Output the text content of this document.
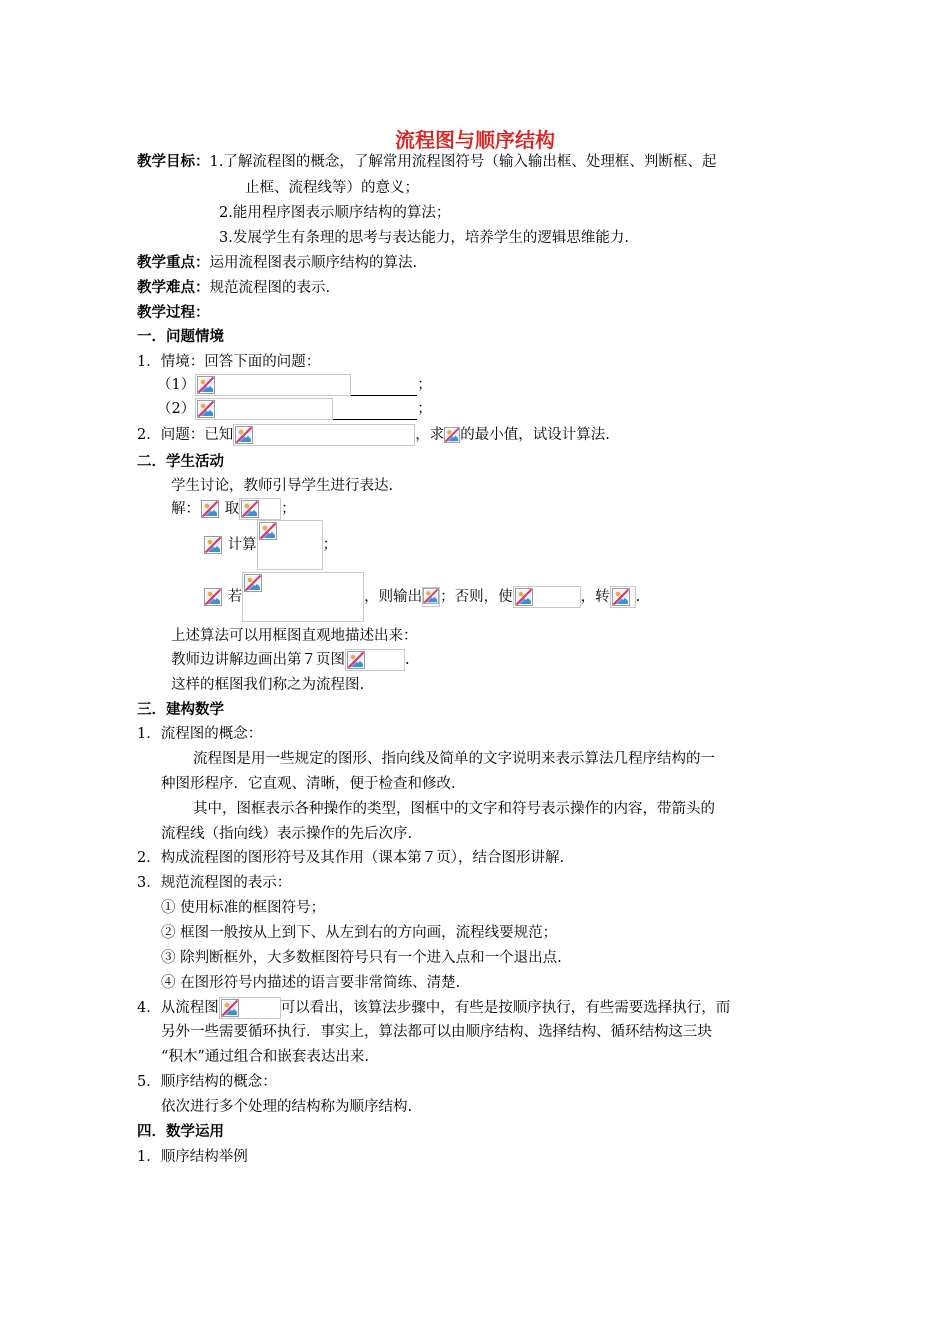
流程图与顺序结构
教学目标：1.了解流程图的概念，了解常用流程图符号（输入输出框、处理框、判断框、起
止框、流程线等）的意义；
2.能用程序图表示顺序结构的算法；
3.发展学生有条理的思考与表达能力，培养学生的逻辑思维能力.
教学重点：运用流程图表示顺序结构的算法.
教学难点：规范流程图的表示.
教学过程：
一．问题情境
1．情境：回答下面的问题：
（1）	；
（2）	；
2．问题：已知	，求 的最小值，试设计算法.
二．学生活动
学生讨论，教师引导学生进行表达.
解： 取	；
计算	；
若	，则输出 ；否则，使	，转 .
上述算法可以用框图直观地描述出来：
教师边讲解边画出第７页图	.
这样的框图我们称之为流程图.
三．建构数学
1．流程图的概念：
流程图是用一些规定的图形、指向线及简单的文字说明来表示算法几程序结构的一
种图形程序．它直观、清晰，便于检查和修改.
其中，图框表示各种操作的类型，图框中的文字和符号表示操作的内容，带箭头的
流程线（指向线）表示操作的先后次序.
2．构成流程图的图形符号及其作用（课本第７页），结合图形讲解.
3．规范流程图的表示：
① 使用标准的框图符号；
② 框图一般按从上到下、从左到右的方向画，流程线要规范；
③ 除判断框外，大多数框图符号只有一个进入点和一个退出点.
④ 在图形符号内描述的语言要非常简练、清楚.
4．从流程图	可以看出，该算法步骤中，有些是按顺序执行，有些需要选择执行，而
另外一些需要循环执行．事实上，算法都可以由顺序结构、选择结构、循环结构这三块
“积木”通过组合和嵌套表达出来.
5．顺序结构的概念：
依次进行多个处理的结构称为顺序结构.
四．数学运用
1．顺序结构举例
